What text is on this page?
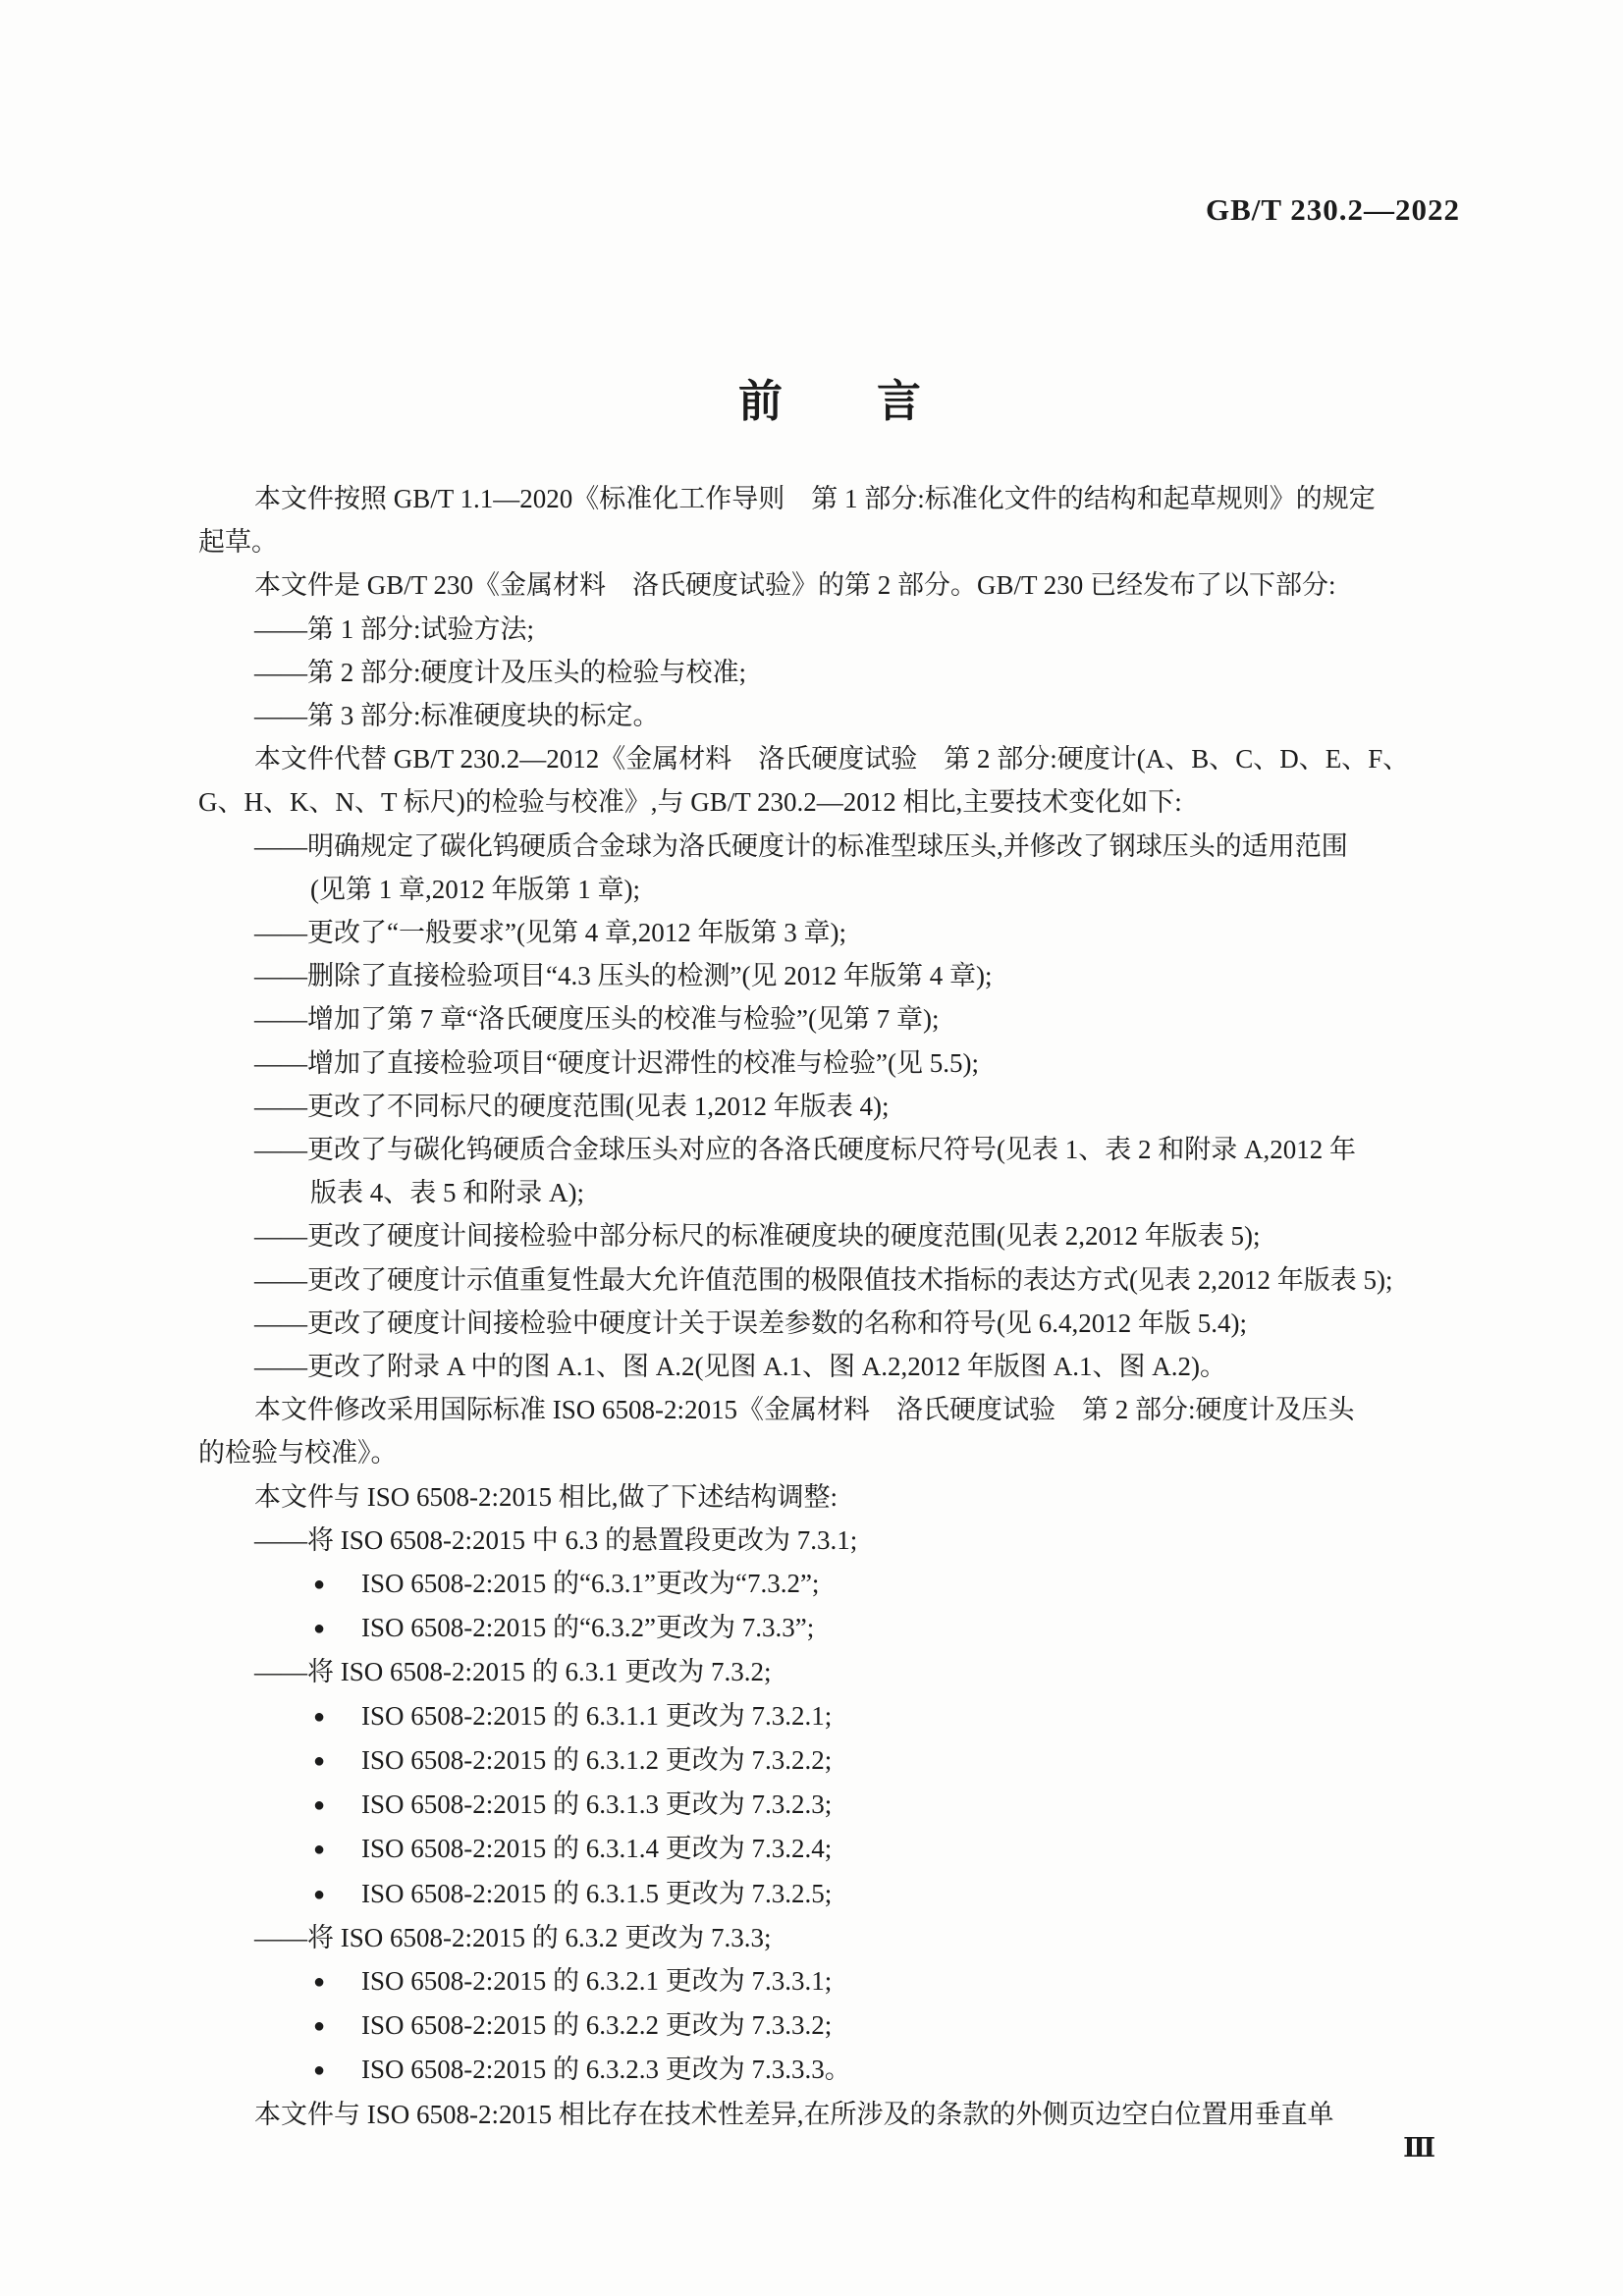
GB/T 230.2—2022
前　　言
本文件按照 GB/T 1.1—2020《标准化工作导则　第 1 部分:标准化文件的结构和起草规则》的规定
起草。
本文件是 GB/T 230《金属材料　洛氏硬度试验》的第 2 部分。GB/T 230 已经发布了以下部分:
——第 1 部分:试验方法;
——第 2 部分:硬度计及压头的检验与校准;
——第 3 部分:标准硬度块的标定。
本文件代替 GB/T 230.2—2012《金属材料　洛氏硬度试验　第 2 部分:硬度计(A、B、C、D、E、F、
G、H、K、N、T 标尺)的检验与校准》,与 GB/T 230.2—2012 相比,主要技术变化如下:
——明确规定了碳化钨硬质合金球为洛氏硬度计的标准型球压头,并修改了钢球压头的适用范围
(见第 1 章,2012 年版第 1 章);
——更改了“一般要求”(见第 4 章,2012 年版第 3 章);
——删除了直接检验项目“4.3 压头的检测”(见 2012 年版第 4 章);
——增加了第 7 章“洛氏硬度压头的校准与检验”(见第 7 章);
——增加了直接检验项目“硬度计迟滞性的校准与检验”(见 5.5);
——更改了不同标尺的硬度范围(见表 1,2012 年版表 4);
——更改了与碳化钨硬质合金球压头对应的各洛氏硬度标尺符号(见表 1、表 2 和附录 A,2012 年
版表 4、表 5 和附录 A);
——更改了硬度计间接检验中部分标尺的标准硬度块的硬度范围(见表 2,2012 年版表 5);
——更改了硬度计示值重复性最大允许值范围的极限值技术指标的表达方式(见表 2,2012 年版表 5);
——更改了硬度计间接检验中硬度计关于误差参数的名称和符号(见 6.4,2012 年版 5.4);
——更改了附录 A 中的图 A.1、图 A.2(见图 A.1、图 A.2,2012 年版图 A.1、图 A.2)。
本文件修改采用国际标准 ISO 6508-2:2015《金属材料　洛氏硬度试验　第 2 部分:硬度计及压头
的检验与校准》。
本文件与 ISO 6508-2:2015 相比,做了下述结构调整:
——将 ISO 6508-2:2015 中 6.3 的悬置段更改为 7.3.1;
● ISO 6508-2:2015 的“6.3.1”更改为“7.3.2”;
● ISO 6508-2:2015 的“6.3.2”更改为 7.3.3”;
——将 ISO 6508-2:2015 的 6.3.1 更改为 7.3.2;
● ISO 6508-2:2015 的 6.3.1.1 更改为 7.3.2.1;
● ISO 6508-2:2015 的 6.3.1.2 更改为 7.3.2.2;
● ISO 6508-2:2015 的 6.3.1.3 更改为 7.3.2.3;
● ISO 6508-2:2015 的 6.3.1.4 更改为 7.3.2.4;
● ISO 6508-2:2015 的 6.3.1.5 更改为 7.3.2.5;
——将 ISO 6508-2:2015 的 6.3.2 更改为 7.3.3;
● ISO 6508-2:2015 的 6.3.2.1 更改为 7.3.3.1;
● ISO 6508-2:2015 的 6.3.2.2 更改为 7.3.3.2;
● ISO 6508-2:2015 的 6.3.2.3 更改为 7.3.3.3。
本文件与 ISO 6508-2:2015 相比存在技术性差异,在所涉及的条款的外侧页边空白位置用垂直单
Ⅲ
